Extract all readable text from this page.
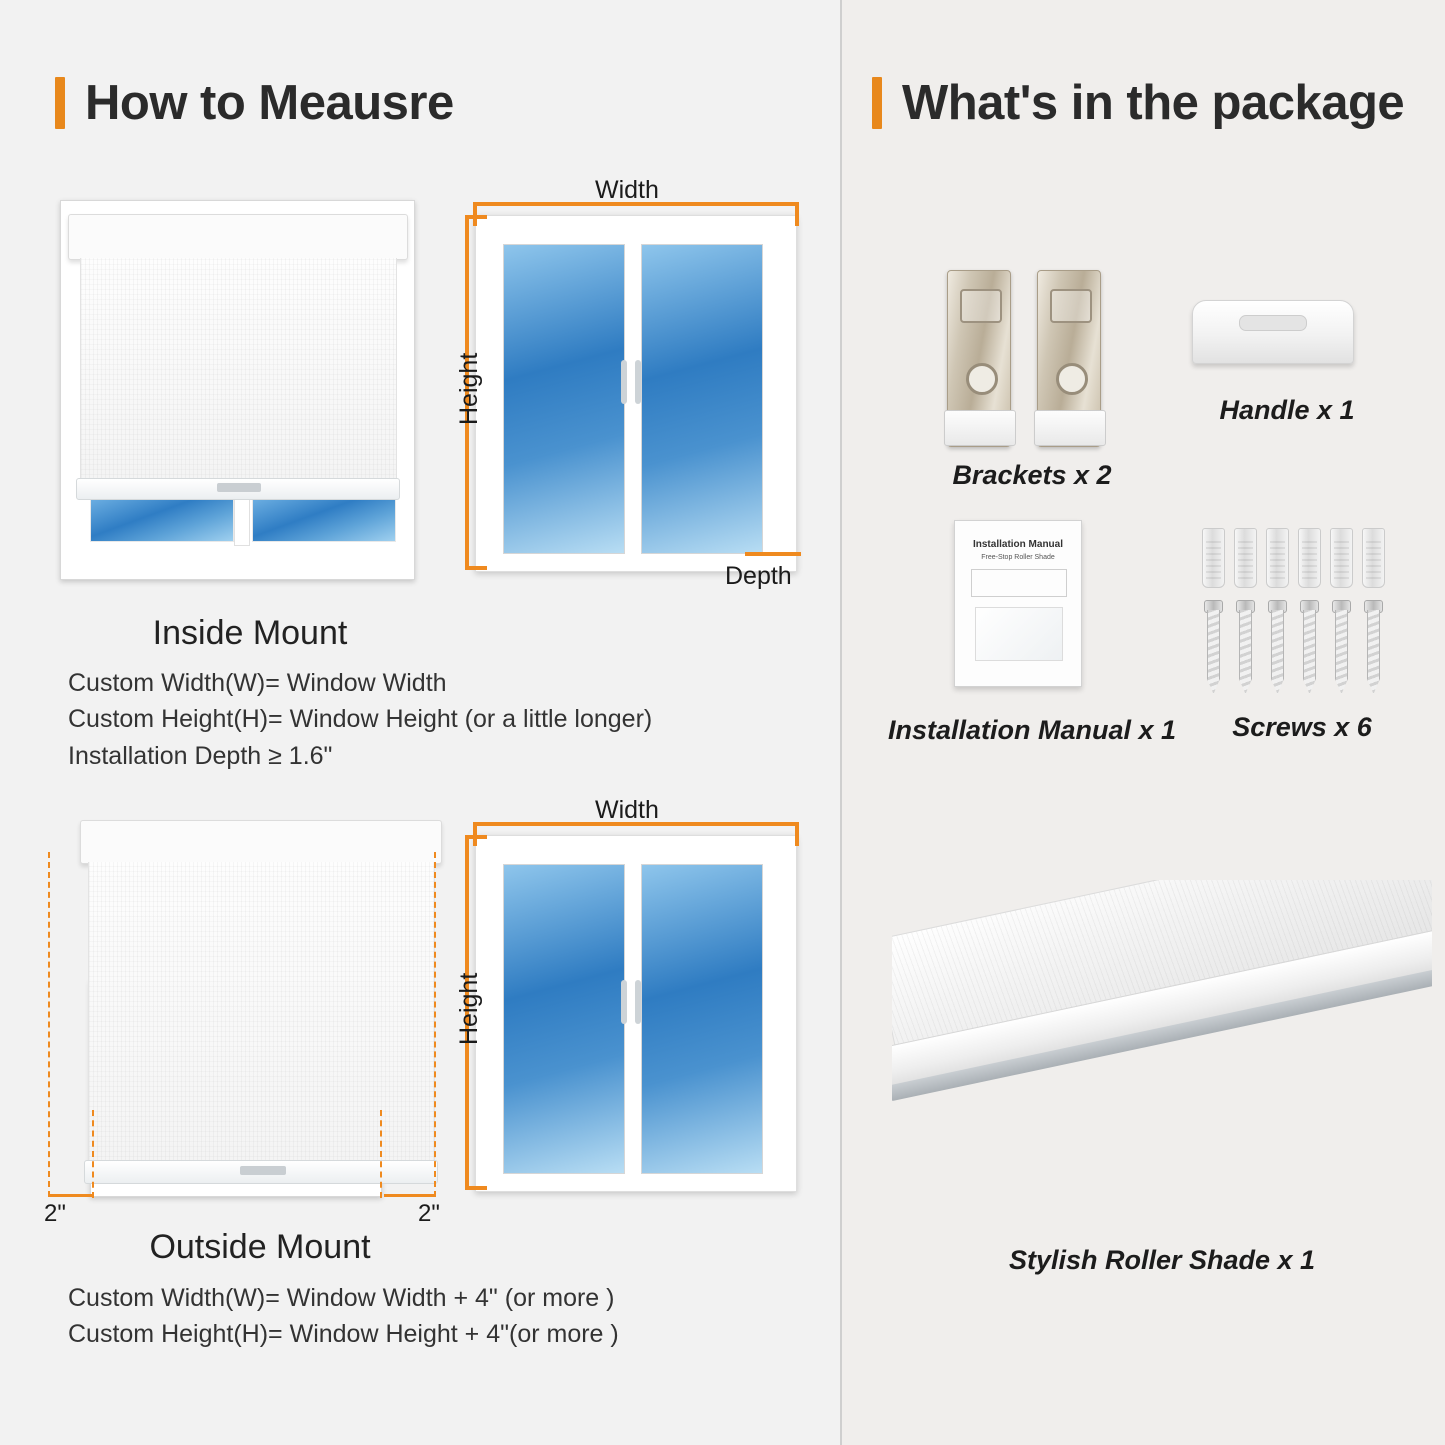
How to Meausre
Width
Height
Depth
Inside Mount
Custom Width(W)= Window Width
Custom Height(H)= Window Height (or a little longer)
Installation Depth ≥ 1.6"
2"	2"
Width
Height
Outside Mount
Custom Width(W)= Window Width + 4" (or more )
Custom Height(H)= Window Height + 4"(or more )
What's in the package
Brackets x 2
Handle x 1
Installation Manual
Free-Stop Roller Shade
Installation Manual x 1	Screws x 6
Stylish Roller Shade x 1
